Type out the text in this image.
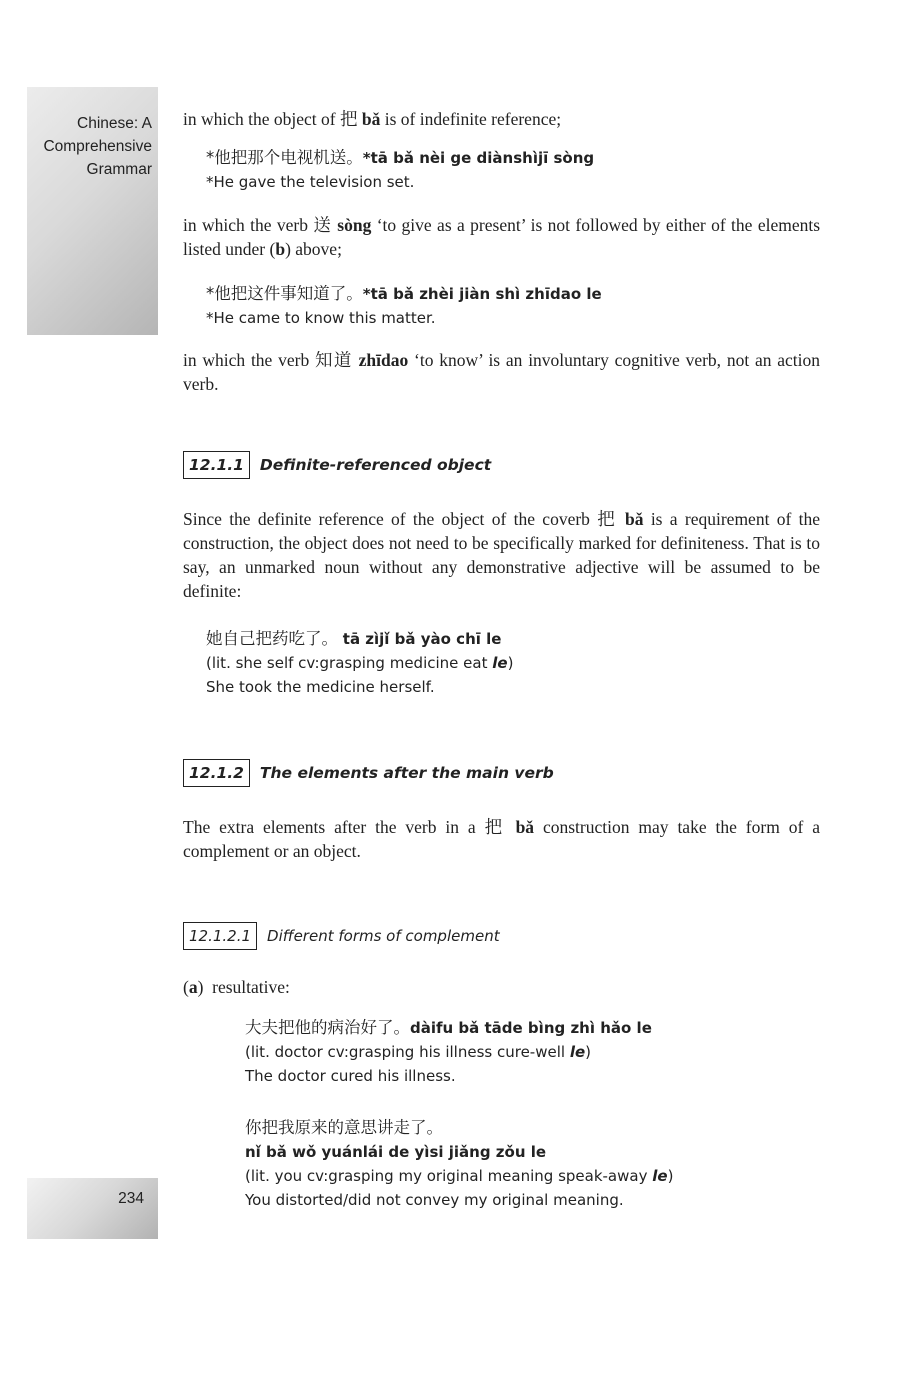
Chinese: A
Comprehensive
Grammar
234

in which the object of 把 bǎ is of indefinite reference;

*他把那个电视机送。*tā bǎ nèi ge diànshìjī sòng
*He gave the television set.

in which the verb 送 sòng ‘to give as a present’ is not followed by either of the elements listed under (b) above;

*他把这件事知道了。*tā bǎ zhèi jiàn shì zhīdao le
*He came to know this matter.

in which the verb 知道 zhīdao ‘to know’ is an involuntary cognitive verb, not an action verb.

12.1.1	Definite-referenced object

Since the definite reference of the object of the coverb 把 bǎ is a requirement of the construction, the object does not need to be specifically marked for definiteness. That is to say, an unmarked noun without any demonstrative adjective will be assumed to be definite:

她自己把药吃了。 tā zìjǐ bǎ yào chī le
(lit. she self cv:grasping medicine eat le)
She took the medicine herself.
12.1.2	The elements after the main verb

The extra elements after the verb in a 把 bǎ construction may take the form of a complement or an object.

12.1.2.1	Different forms of complement

(a) resultative:

大夫把他的病治好了。dàifu bǎ tāde bìng zhì hǎo le
(lit. doctor cv:grasping his illness cure-well le)
The doctor cured his illness.
你把我原来的意思讲走了。
nǐ bǎ wǒ yuánlái de yìsi jiǎng zǒu le
(lit. you cv:grasping my original meaning speak-away le)
You distorted/did not convey my original meaning.
